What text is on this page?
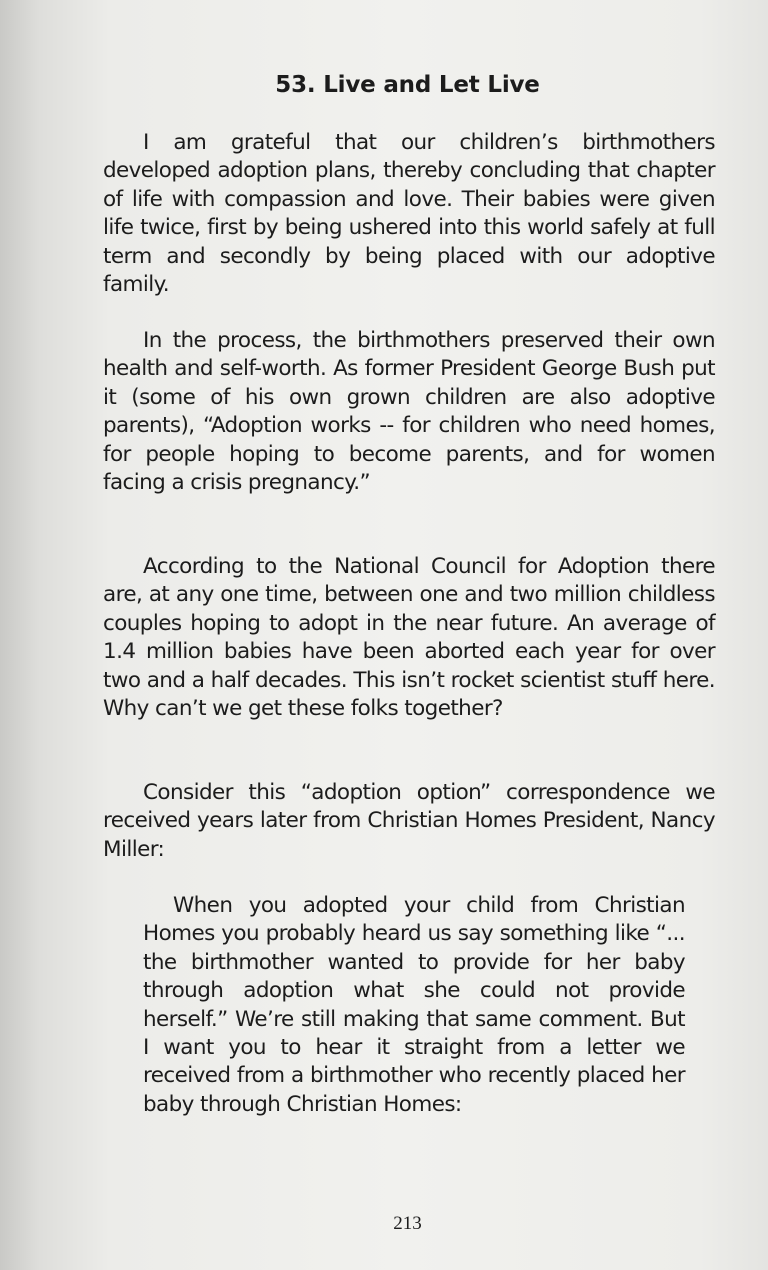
53. Live and Let Live

I am grateful that our children’s birthmothers developed adoption plans, thereby concluding that chapter of life with compassion and love. Their babies were given life twice, first by being ushered into this world safely at full term and secondly by being placed with our adoptive family.

In the process, the birthmothers preserved their own health and self-worth. As former President George Bush put it (some of his own grown children are also adoptive parents), “Adoption works -- for children who need homes, for people hoping to become parents, and for women facing a crisis pregnancy.”

According to the National Council for Adoption there are, at any one time, between one and two million childless couples hoping to adopt in the near future. An average of 1.4 million babies have been aborted each year for over two and a half decades. This isn’t rocket scientist stuff here. Why can’t we get these folks together?

Consider this “adoption option” correspondence we received years later from Christian Homes President, Nancy Miller:

When you adopted your child from Christian Homes you probably heard us say something like “... the birthmother wanted to provide for her baby through adoption what she could not provide herself.” We’re still making that same comment. But I want you to hear it straight from a letter we received from a birthmother who recently placed her baby through Christian Homes:
213
